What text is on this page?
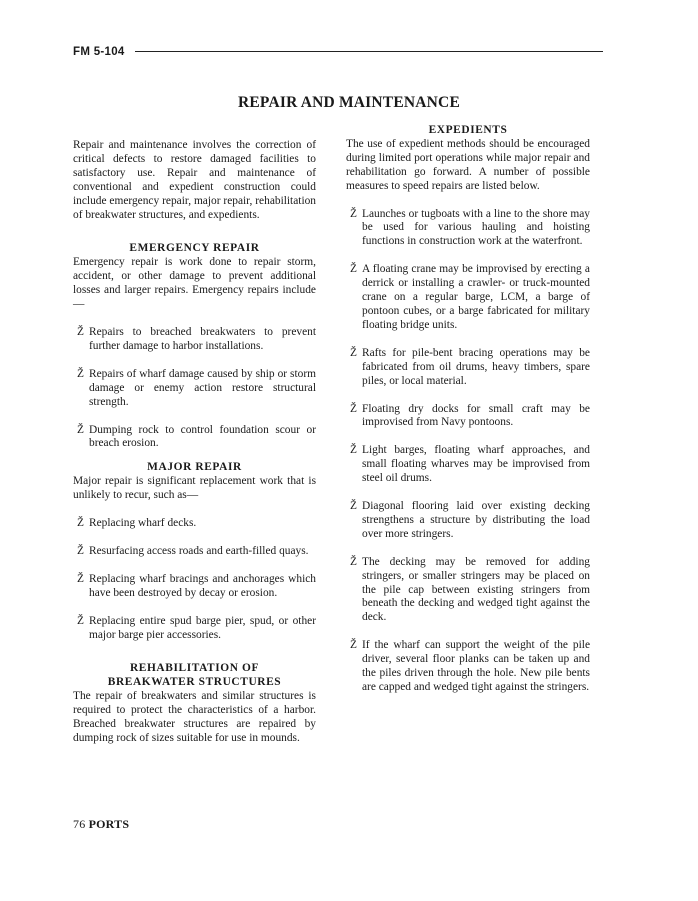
FM 5-104
REPAIR AND MAINTENANCE

Repair and maintenance involves the correction of critical defects to restore damaged facilities to satisfactory use. Repair and maintenance of conventional and expedient construction could include emergency repair, major repair, rehabilitation of breakwater structures, and expedients.

EMERGENCY REPAIR

Emergency repair is work done to repair storm, accident, or other damage to prevent additional losses and larger repairs. Emergency repairs include—

Ž Repairs to breached breakwaters to prevent further damage to harbor installations.
Ž Repairs of wharf damage caused by ship or storm damage or enemy action restore structural strength.
Ž Dumping rock to control foundation scour or breach erosion.
MAJOR REPAIR

Major repair is significant replacement work that is unlikely to recur, such as—

Ž Replacing wharf decks.
Ž Resurfacing access roads and earth-filled quays.
Ž Replacing wharf bracings and anchorages which have been destroyed by decay or erosion.
Ž Replacing entire spud barge pier, spud, or other major barge pier accessories.
REHABILITATION OF
BREAKWATER STRUCTURES

The repair of breakwaters and similar structures is required to protect the characteristics of a harbor. Breached breakwater structures are repaired by dumping rock of sizes suitable for use in mounds.

EXPEDIENTS

The use of expedient methods should be encouraged during limited port operations while major repair and rehabilitation go forward. A number of possible measures to speed repairs are listed below.

Ž Launches or tugboats with a line to the shore may be used for various hauling and hoisting functions in construction work at the waterfront.
Ž A floating crane may be improvised by erecting a derrick or installing a crawler- or truck-mounted crane on a regular barge, LCM, a barge of pontoon cubes, or a barge fabricated for military floating bridge units.
Ž Rafts for pile-bent bracing operations may be fabricated from oil drums, heavy timbers, spare piles, or local material.
Ž Floating dry docks for small craft may be improvised from Navy pontoons.
Ž Light barges, floating wharf approaches, and small floating wharves may be improvised from steel oil drums.
Ž Diagonal flooring laid over existing decking strengthens a structure by distributing the load over more stringers.
Ž The decking may be removed for adding stringers, or smaller stringers may be placed on the pile cap between existing stringers from beneath the decking and wedged tight against the deck.
Ž If the wharf can support the weight of the pile driver, several floor planks can be taken up and the piles driven through the hole. New pile bents are capped and wedged tight against the stringers.
76 PORTS
